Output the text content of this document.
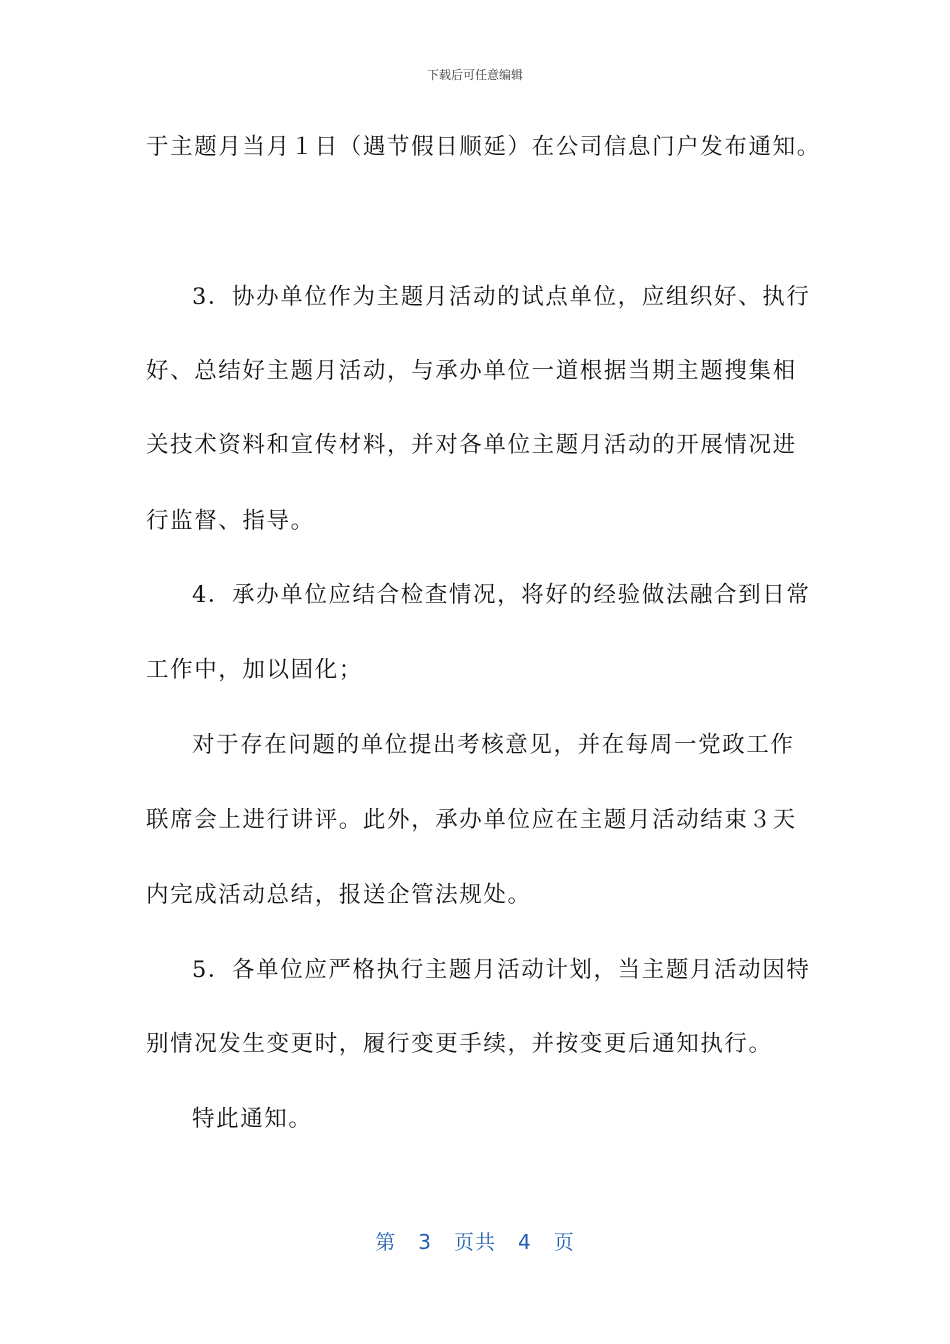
下载后可任意编辑
于主题月当月１日（遇节假日顺延）在公司信息门户发布通知。
3．协办单位作为主题月活动的试点单位，应组织好、执行
好、总结好主题月活动，与承办单位一道根据当期主题搜集相
关技术资料和宣传材料，并对各单位主题月活动的开展情况进
行监督、指导。
4．承办单位应结合检查情况，将好的经验做法融合到日常
工作中，加以固化；
对于存在问题的单位提出考核意见，并在每周一党政工作
联席会上进行讲评。此外，承办单位应在主题月活动结束３天
内完成活动总结，报送企管法规处。
5．各单位应严格执行主题月活动计划，当主题月活动因特
别情况发生变更时，履行变更手续，并按变更后通知执行。
特此通知。
第 3 页共 4 页
